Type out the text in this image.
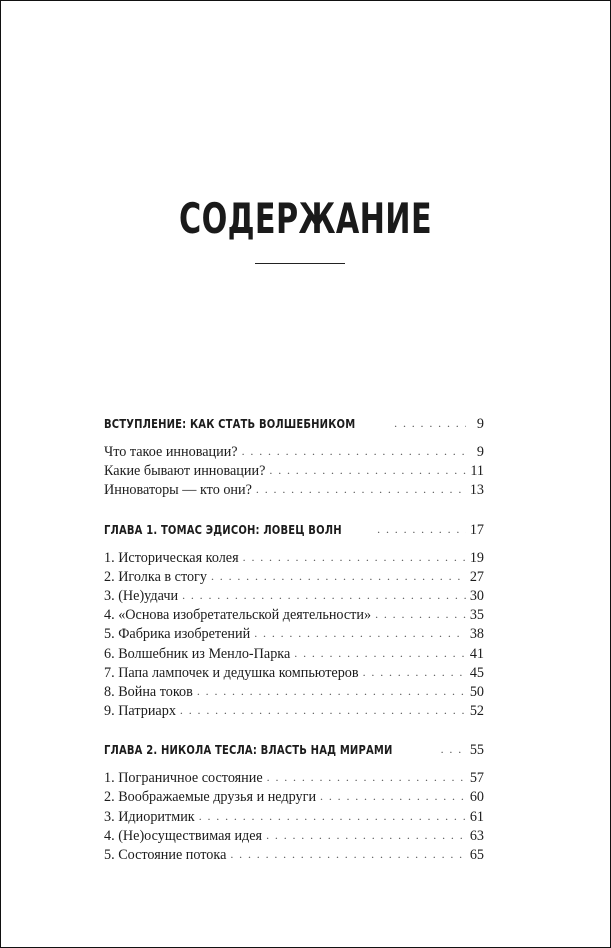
СОДЕРЖАНИЕ
ВСТУПЛЕНИЕ: КАК СТАТЬ ВОЛШЕБНИКОМ . . .	9
Что такое инновации? . . .	9
Какие бывают инновации? . . .	11
Инноваторы — кто они? . . .	13
ГЛАВА 1. ТОМАС ЭДИСОН: ЛОВЕЦ ВОЛН . . .	17
1. Историческая колея . . .	19
2. Иголка в стогу . . .	27
3. (Не)удачи . . .	30
4. «Основа изобретательской деятельности» . . .	35
5. Фабрика изобретений . . .	38
6. Волшебник из Менло-Парка . . .	41
7. Папа лампочек и дедушка компьютеров . . .	45
8. Война токов . . .	50
9. Патриарх . . .	52
ГЛАВА 2. НИКОЛА ТЕСЛА: ВЛАСТЬ НАД МИРАМИ . . .	55
1. Пограничное состояние . . .	57
2. Воображаемые друзья и недруги . . .	60
3. Идиоритмик . . .	61
4. (Не)осуществимая идея . . .	63
5. Состояние потока . . .	65
